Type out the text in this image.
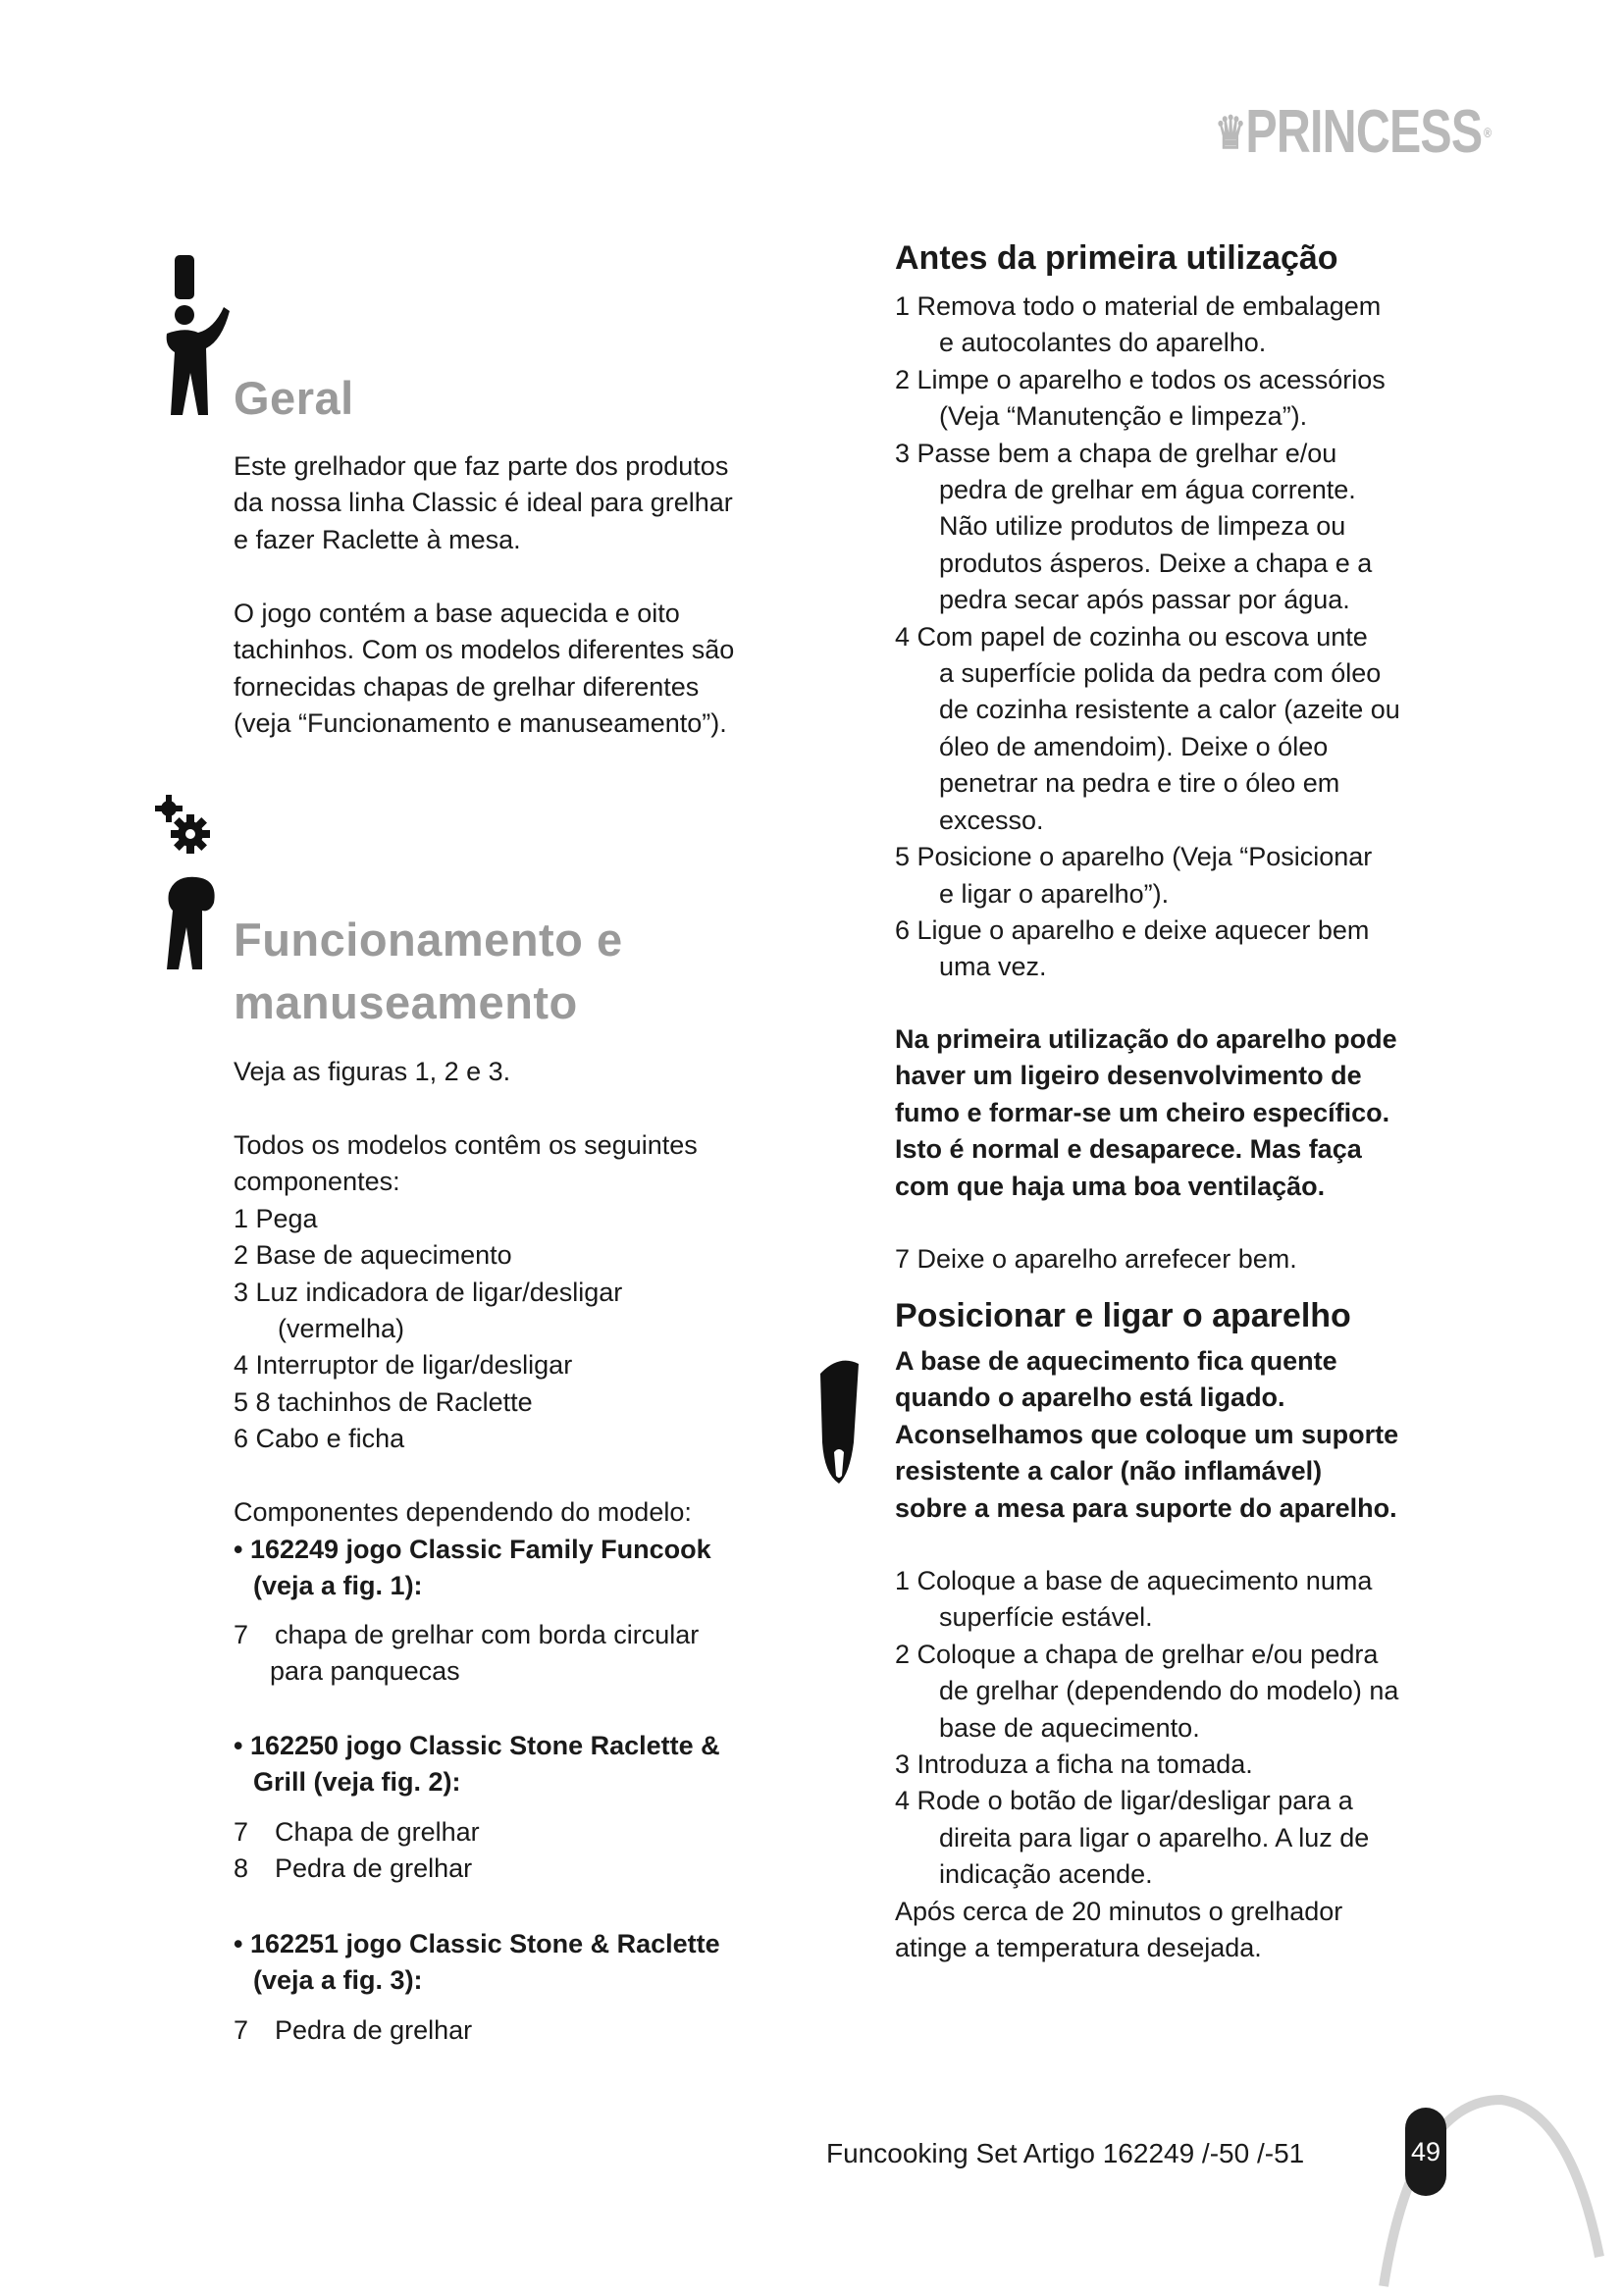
♛PRINCESS ®
Geral
Este grelhador que faz parte dos produtos
da nossa linha Classic é ideal para grelhar
e fazer Raclette à mesa.
O jogo contém a base aquecida e oito
tachinhos. Com os modelos diferentes são
fornecidas chapas de grelhar diferentes
(veja “Funcionamento e manuseamento”).
Funcionamento e
manuseamento
Veja as figuras 1, 2 e 3.
Todos os modelos contêm os seguintes
componentes:
1 Pega
2 Base de aquecimento
3 Luz indicadora de ligar/desligar
(vermelha)
4 Interruptor de ligar/desligar
5 8 tachinhos de Raclette
6 Cabo e ficha
Componentes dependendo do modelo:
• 162249 jogo Classic Family Funcook
(veja a fig. 1):
7 chapa de grelhar com borda circular
para panquecas
• 162250 jogo Classic Stone Raclette &
Grill (veja fig. 2):
7 Chapa de grelhar
8 Pedra de grelhar
• 162251 jogo Classic Stone & Raclette
(veja a fig. 3):
7 Pedra de grelhar
Antes da primeira utilização
1 Remova todo o material de embalagem
e autocolantes do aparelho.
2 Limpe o aparelho e todos os acessórios
(Veja “Manutenção e limpeza”).
3 Passe bem a chapa de grelhar e/ou
pedra de grelhar em água corrente.
Não utilize produtos de limpeza ou
produtos ásperos. Deixe a chapa e a
pedra secar após passar por água.
4 Com papel de cozinha ou escova unte
a superfície polida da pedra com óleo
de cozinha resistente a calor (azeite ou
óleo de amendoim). Deixe o óleo
penetrar na pedra e tire o óleo em
excesso.
5 Posicione o aparelho (Veja “Posicionar
e ligar o aparelho”).
6 Ligue o aparelho e deixe aquecer bem
uma vez.
Na primeira utilização do aparelho pode
haver um ligeiro desenvolvimento de
fumo e formar-se um cheiro específico.
Isto é normal e desaparece. Mas faça
com que haja uma boa ventilação.
7 Deixe o aparelho arrefecer bem.
Posicionar e ligar o aparelho
A base de aquecimento fica quente
quando o aparelho está ligado.
Aconselhamos que coloque um suporte
resistente a calor (não inflamável)
sobre a mesa para suporte do aparelho.
1 Coloque a base de aquecimento numa
superfície estável.
2 Coloque a chapa de grelhar e/ou pedra
de grelhar (dependendo do modelo) na
base de aquecimento.
3 Introduza a ficha na tomada.
4 Rode o botão de ligar/desligar para a
direita para ligar o aparelho. A luz de
indicação acende.
Após cerca de 20 minutos o grelhador
atinge a temperatura desejada.
Funcooking Set Artigo 162249 /-50 /-51	49
